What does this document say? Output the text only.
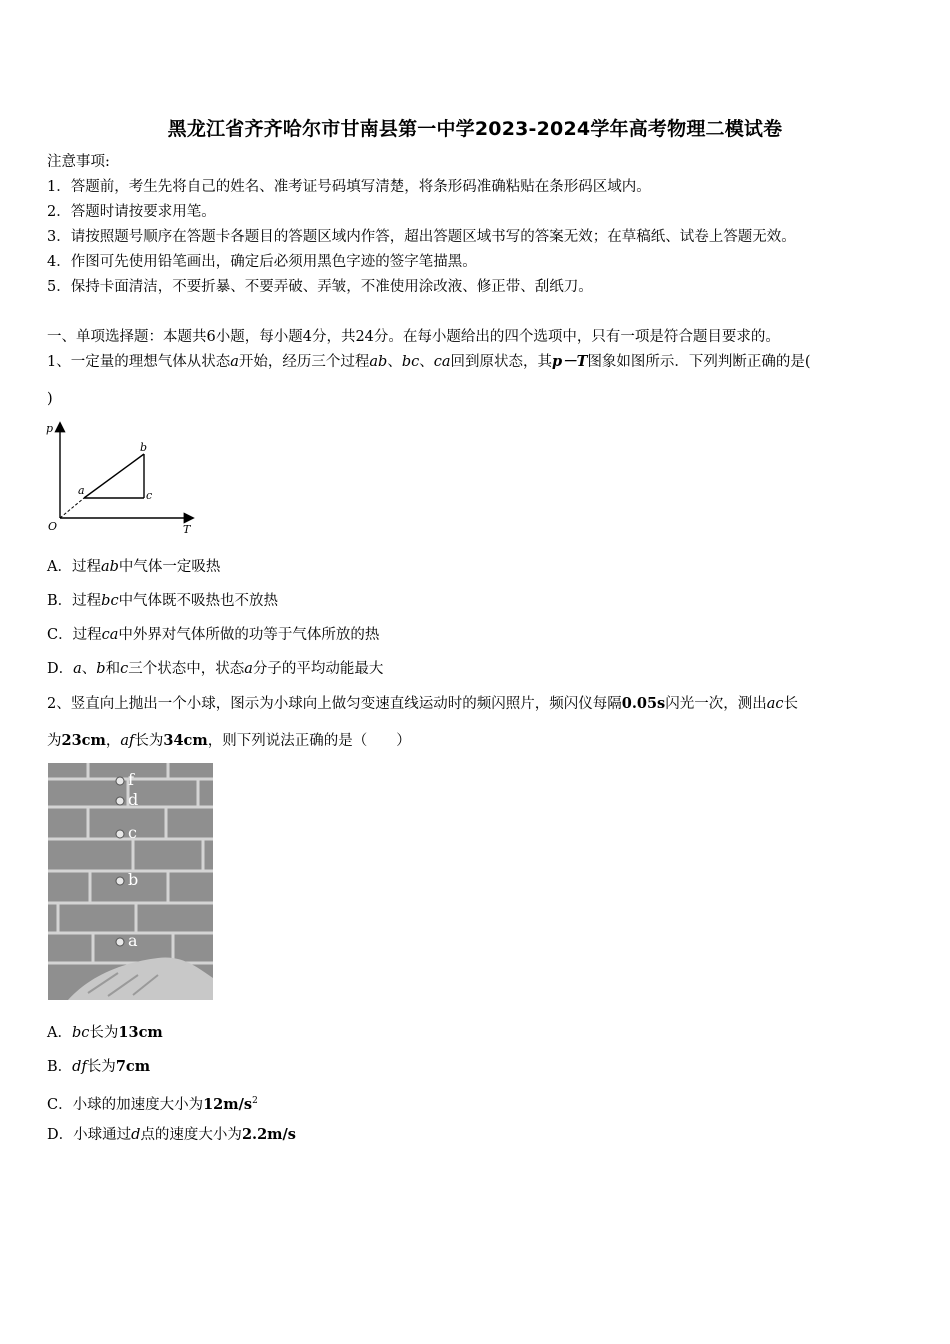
黑龙江省齐齐哈尔市甘南县第一中学2023-2024学年高考物理二模试卷
注意事项:
1．答题前，考生先将自己的姓名、准考证号码填写清楚，将条形码准确粘贴在条形码区域内。
2．答题时请按要求用笔。
3．请按照题号顺序在答题卡各题目的答题区域内作答，超出答题区域书写的答案无效；在草稿纸、试卷上答题无效。
4．作图可先使用铅笔画出，确定后必须用黑色字迹的签字笔描黑。
5．保持卡面清洁，不要折暴、不要弄破、弄皱，不准使用涂改液、修正带、刮纸刀。
一、单项选择题：本题共6小题，每小题4分，共24分。在每小题给出的四个选项中，只有一项是符合题目要求的。
1、一定量的理想气体从状态a开始，经历三个过程ab、bc、ca回到原状态，其p－T图象如图所示．下列判断正确的是(
)
p
T
O
a
b
c
A．过程ab中气体一定吸热
B．过程bc中气体既不吸热也不放热
C．过程ca中外界对气体所做的功等于气体所放的热
D．a、b和c三个状态中，状态a分子的平均动能最大
2、竖直向上抛出一个小球，图示为小球向上做匀变速直线运动时的频闪照片，频闪仪每隔0.05s闪光一次，测出ac长
为23cm，af长为34cm，则下列说法正确的是（　　）
f
d
c
b
a
A．bc长为13cm
B．df长为7cm
C．小球的加速度大小为$12m/s^2$
D．小球通过d点的速度大小为2.2m/s
